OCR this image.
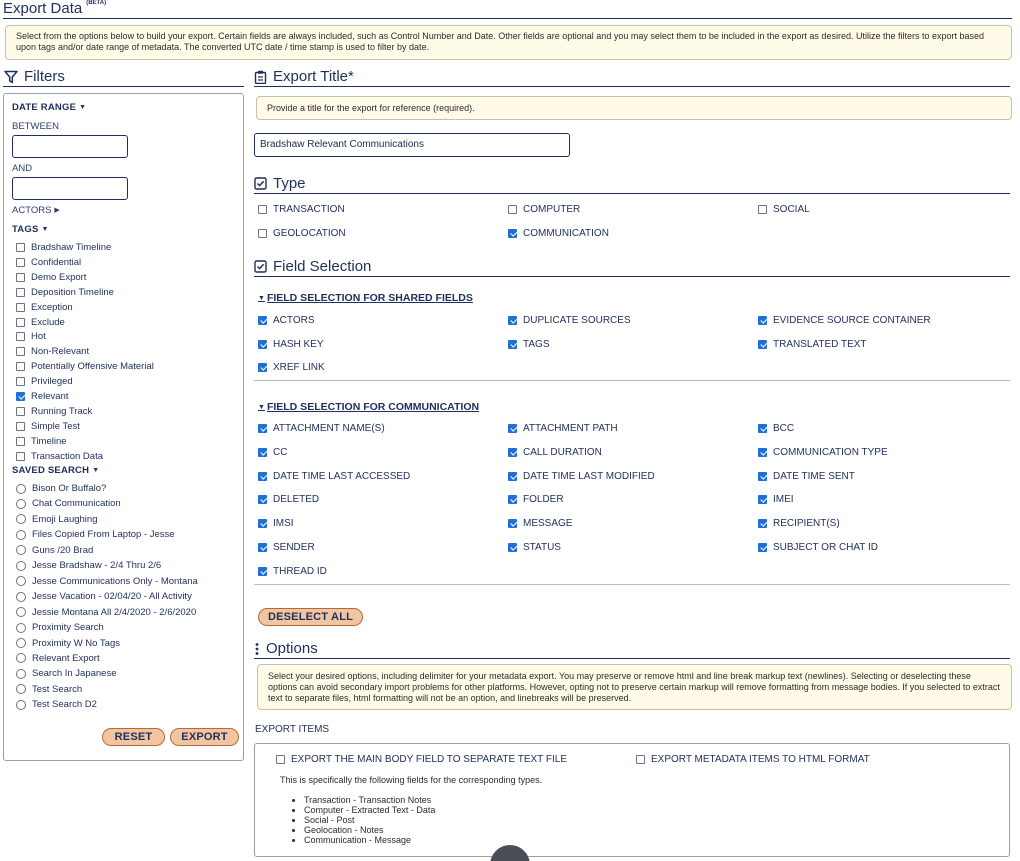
Export Data $^{(BETA)}$
Select from the options below to build your export. Certain fields are always included, such as Control Number and Date. Other fields are optional and you may select them to be included in the export as desired. Utilize the filters to export based upon tags and/or date range of metadata. The converted UTC date / time stamp is used to filter by date.
Filters
DATE RANGE ▼
BETWEEN
AND
ACTORS ▶
TAGS ▼
Bradshaw Timeline
Confidential
Demo Export
Deposition Timeline
Exception
Exclude
Hot
Non-Relevant
Potentially Offensive Material
Privileged
Relevant
Running Track
Simple Test
Timeline
Transaction Data
SAVED SEARCH ▼
Bison Or Buffalo?
Chat Communication
Emoji Laughing
Files Copied From Laptop - Jesse
Guns /20 Brad
Jesse Bradshaw - 2/4 Thru 2/6
Jesse Communications Only - Montana
Jesse Vacation - 02/04/20 - All Activity
Jessie Montana All 2/4/2020 - 2/6/2020
Proximity Search
Proximity W No Tags
Relevant Export
Search In Japanese
Test Search
Test Search D2
RESET	EXPORT
Export Title*
Provide a title for the export for reference (required).
Bradshaw Relevant Communications
Type
TRANSACTION	COMPUTER	SOCIAL
GEOLOCATION	COMMUNICATION
Field Selection
▼ FIELD SELECTION FOR SHARED FIELDS
ACTORS	DUPLICATE SOURCES	EVIDENCE SOURCE CONTAINER
HASH KEY	TAGS	TRANSLATED TEXT
XREF LINK
▼ FIELD SELECTION FOR COMMUNICATION
ATTACHMENT NAME(S)	ATTACHMENT PATH	BCC
CC	CALL DURATION	COMMUNICATION TYPE
DATE TIME LAST ACCESSED	DATE TIME LAST MODIFIED	DATE TIME SENT
DELETED	FOLDER	IMEI
IMSI	MESSAGE	RECIPIENT(S)
SENDER	STATUS	SUBJECT OR CHAT ID
THREAD ID
DESELECT ALL
Options
Select your desired options, including delimiter for your metadata export. You may preserve or remove html and line break markup text (newlines). Selecting or deselecting these options can avoid secondary import problems for other platforms. However, opting not to preserve certain markup will remove formatting from message bodies. If you selected to extract text to separate files, html formatting will not be an option, and linebreaks will be preserved.
EXPORT ITEMS
EXPORT THE MAIN BODY FIELD TO SEPARATE TEXT FILE	EXPORT METADATA ITEMS TO HTML FORMAT
This is specifically the following fields for the corresponding types.
• Transaction - Transaction Notes
• Computer - Extracted Text - Data
• Social - Post
• Geolocation - Notes
• Communication - Message
